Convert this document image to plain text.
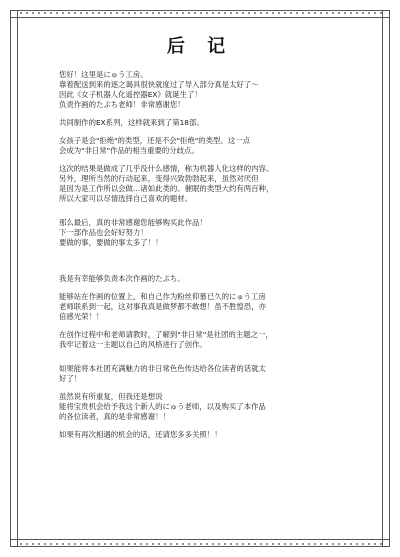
后 记
您好！这里是にゅう工房。
靠着配送到来的逐之谒具很快就度过了导入部分真是太好了～
因此《女子机器人化遥控器EX》就诞生了！
负责作画的たぷち老师！非常感谢您！
共同制作的EX系列，这样就来到了第18部。
女孩子是会"拒绝"的类型，还是不会"拒绝"的类型。这一点
会成为"非日常"作品的相当重要的分歧点。
这次的结果是做成了几乎没什么感情，称为机器人化这样的内容。
另外，理所当然的行动起来，变得兴致勃勃起来，虽然对厌但
是因为是工作所以会做…诸如此类的。催眠的类型大约有两百种，
所以大家可以尽情选择自己喜欢的题材。
那么最后，真的非常感谢您能够购买此作品！
下一部作品也会好好努力！
要做的事，要做的事太多了！！
我是有幸能够负责本次作画的たぷち。
能够站在作画的位置上，和自己作为粉丝仰慕已久的にゅう工房
老师联系到一起，这对事我真是做梦都不敢想！虽不胜惶恐，亦
倍感光荣！！
在创作过程中和老师请教时，了解到"非日常"是社团的主题之一，
我牢记着这一主题以自己的风格进行了创作。
如果能将本社团充满魅力的非日常色色传达给各位读者的话就太
好了！
虽然说有所重复，但我还是想说
能将宝贵机会给予我这个新人的にゅう老师，以及购买了本作品
的各位读者，真的是非常感谢！！
如果有再次相遇的机会的话，还请您多多关照！！
